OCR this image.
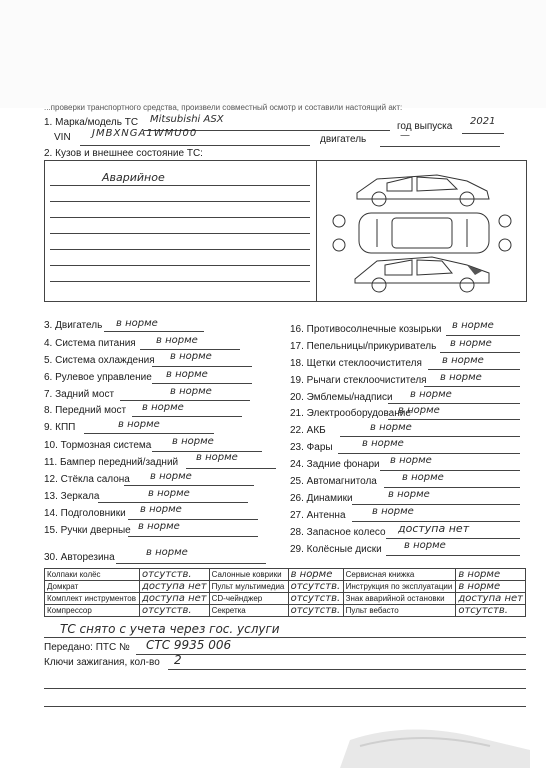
...проверки транспортного средства, произвели совместный осмотр и составили настоящий акт:
1. Марка/модель ТС Mitsubishi ASX
год выпуска 2021
VIN JMBXNGA1WMU00
двигатель	—
2. Кузов и внешнее состояние ТС:
Аварийное
3. Двигатель в норме
4. Система питания в норме
5. Система охлаждения в норме
6. Рулевое управление в норме
7. Задний мост	в норме
8. Передний мост в норме
9. КПП	в норме
10. Тормозная система в норме
11. Бампер передний/задний в норме
12. Стёкла салона в норме
13. Зеркала	в норме
14. Подголовники в норме
15. Ручки дверные в норме
16. Противосолнечные козырьки в норме
17. Пепельницы/прикуриватель в норме
18. Щетки стеклоочистителя в норме
19. Рычаги стеклоочистителя в норме
20. Эмблемы/надписи в норме
21. Электрооборудование
в норме
22. АКБ	в норме
23. Фары	в норме
24. Задние фонари в норме
25. Автомагнитола	в норме
26. Динамики	в норме
27. Антенна	в норме
28. Запасное колесо доступа нет
29. Колёсные диски в норме
30. Авторезина	в норме
Колпаки колёс	отсутств.	Салонные коврики	в норме	Сервисная книжка	в норме
Домкрат	доступа нет	Пульт мультимедиа	отсутств.	Инструкция по эксплуатации	в норме
Комплект инструментов	доступа нет	CD-чейнджер	отсутств.	Знак аварийной остановки	доступа нет
Компрессор	отсутств.	Секретка	отсутств.	Пульт вебасто	отсутств.
ТС снято с учета через гос. услуги
Передано: ПТС № СТС 9935 006
Ключи зажигания, кол-во 2
